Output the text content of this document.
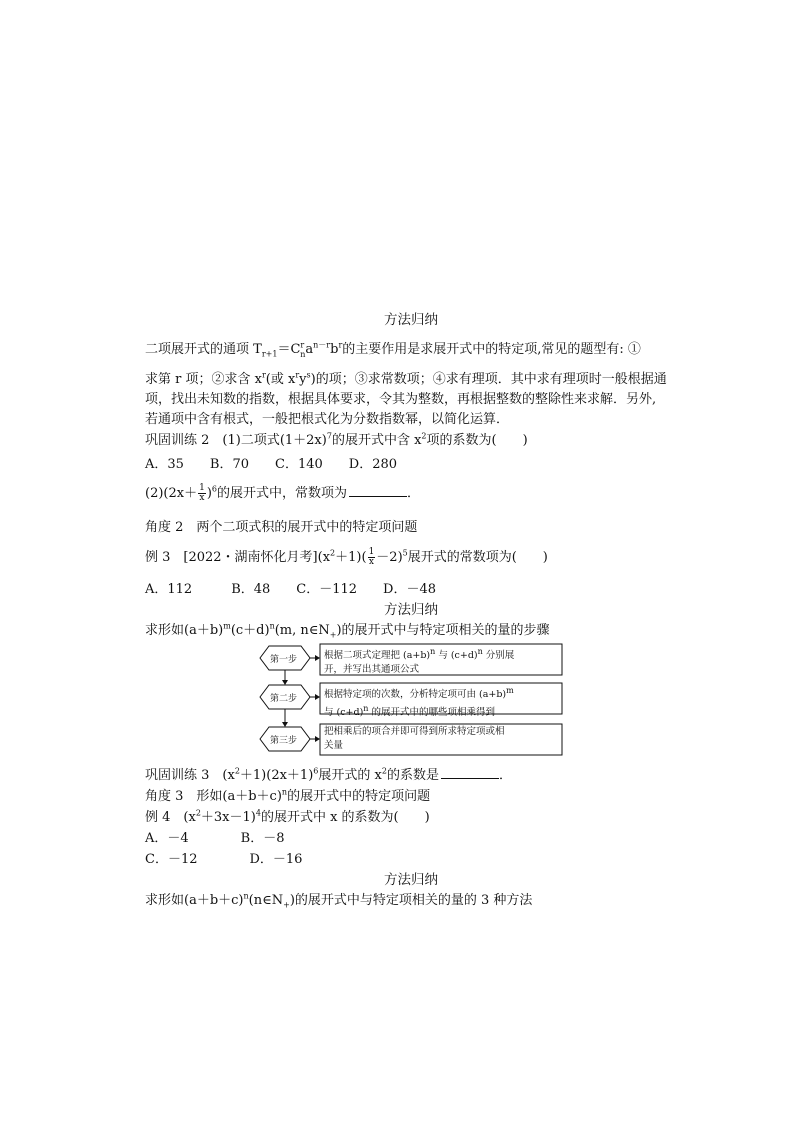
方法归纳
二项展开式的通项 $T_{r+1}=C^r_na^{n-r}b^r$的主要作用是求展开式中的特定项,常见的题型有: ①
求第 r 项；②求含 $x^r$(或 $x^ry^s$)的项；③求常数项；④求有理项．其中求有理项时一般根据通
项，找出未知数的指数，根据具体要求，令其为整数，再根据整数的整除性来求解．另外,
若通项中含有根式，一般把根式化为分数指数幂，以简化运算．
巩固训练 2　(1)二项式$(1+2x)^7$的展开式中含 $x^2$项的系数为(　　)
A．35　　B．70　　C．140　　D．280
$(2)(2x+ \frac{1}{x} )^6$的展开式中，常数项为	．
角度 2　两个二项式积的展开式中的特定项问题
例 3　[2022・湖南怀化月考]$(x^2+1)( \frac{1}{x} -2)^5$展开式的常数项为(　　)
A．112　　　B．48　　C．－112　　D．－48
方法归纳
求形如$(a+b)^m(c+d)^n(m$, $n\in N_+$)的展开式中与特定项相关的量的步骤
第一步
第二步
第三步
根据二项式定理把 $(a+b)^n$ 与 $(c+d)^n$ 分别展
开，并写出其通项公式
根据特定项的次数，分析特定项可由 $(a+b)^m$
与 $(c+d)^n$ 的展开式中的哪些项相乘得到
把相乘后的项合并即可得到所求特定项或相
关量
巩固训练 3　$(x^2+1)(2x+1)^6$展开式的 $x^2$的系数是	．
角度 3　形如$(a+b+c)^n$的展开式中的特定项问题
例 4　$(x^2+3x-1)^4$的展开式中 x 的系数为(　　)
A．－4　　　　B．－8
C．－12　　　　D．－16
方法归纳
求形如$(a+b+c)^n(n\in N_+)$的展开式中与特定项相关的量的 3 种方法
